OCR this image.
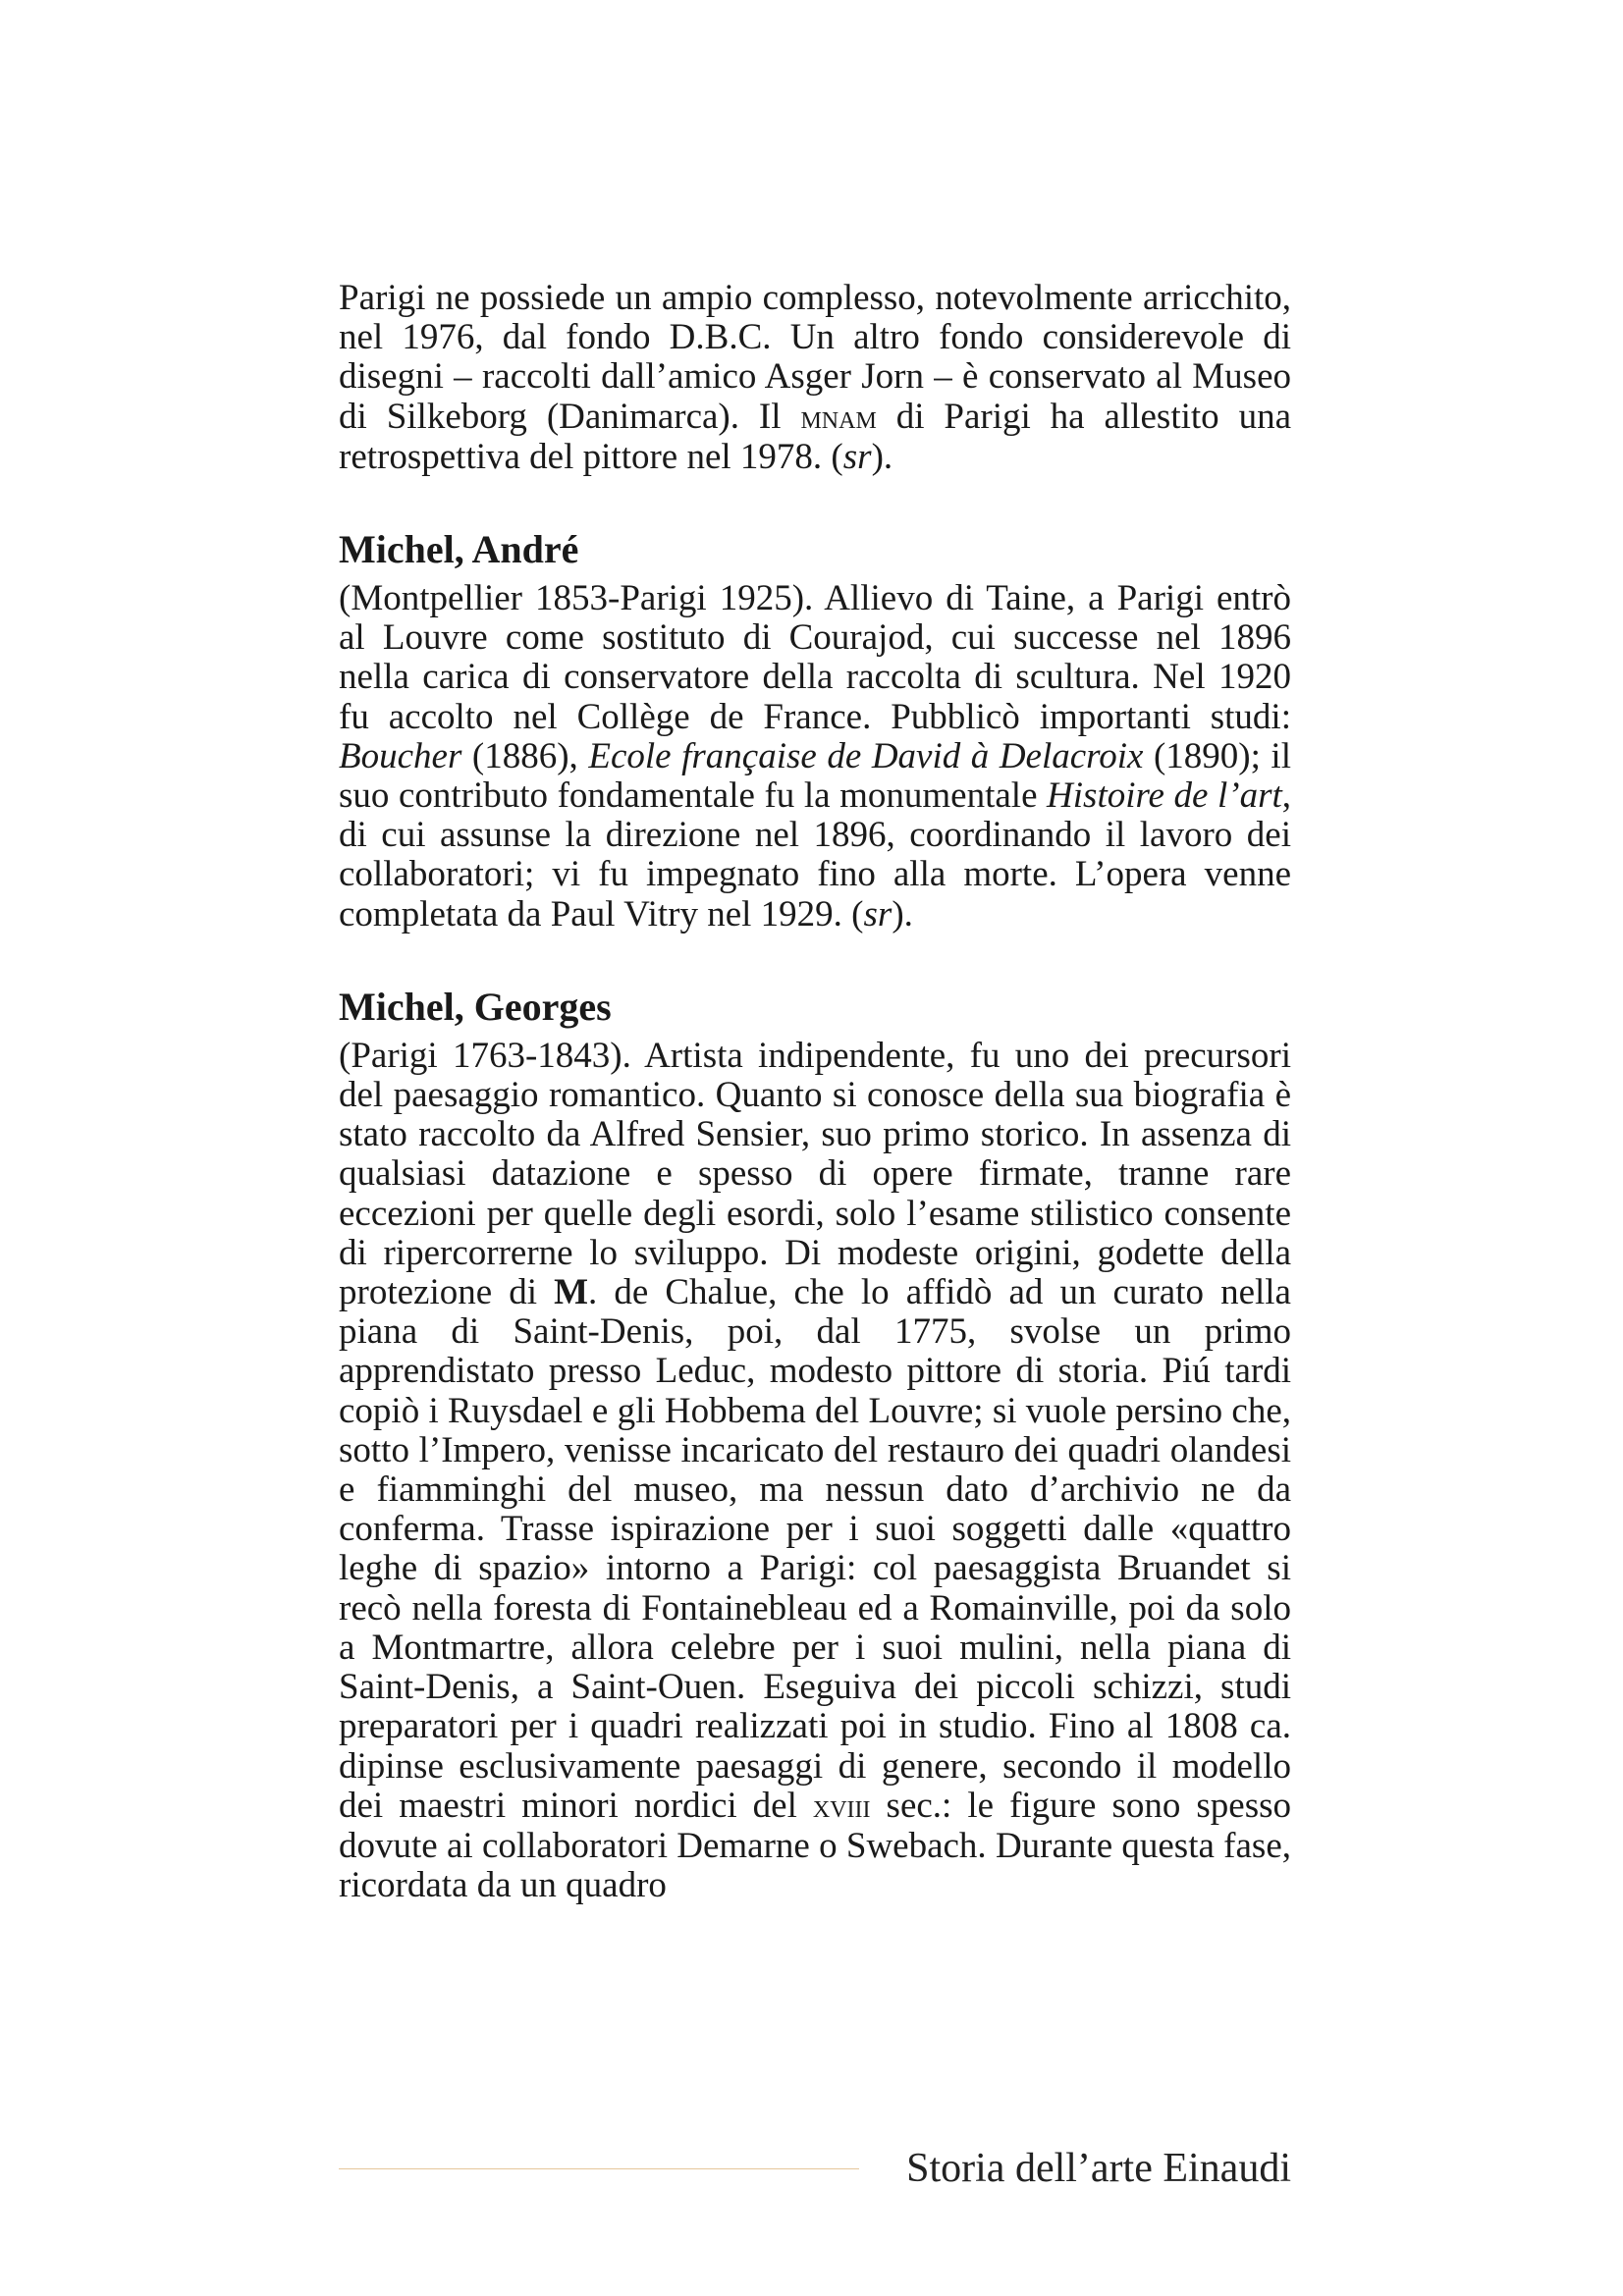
Parigi ne possiede un ampio complesso, notevolmente arricchito, nel 1976, dal fondo D.B.C. Un altro fondo considerevole di disegni – raccolti dall’amico Asger Jorn – è conservato al Museo di Silkeborg (Danimarca). Il mnam di Parigi ha allestito una retrospettiva del pittore nel 1978. (sr).

Michel, André

(Montpellier 1853-Parigi 1925). Allievo di Taine, a Parigi entrò al Louvre come sostituto di Courajod, cui successe nel 1896 nella carica di conservatore della raccolta di scultura. Nel 1920 fu accolto nel Collège de France. Pubblicò importanti studi: Boucher (1886), Ecole française de David à Delacroix (1890); il suo contributo fondamentale fu la monumentale Histoire de l’art, di cui assunse la direzione nel 1896, coordinando il lavoro dei collaboratori; vi fu impegnato fino alla morte. L’opera venne completata da Paul Vitry nel 1929. (sr).

Michel, Georges

(Parigi 1763-1843). Artista indipendente, fu uno dei precursori del paesaggio romantico. Quanto si conosce della sua biografia è stato raccolto da Alfred Sensier, suo primo storico. In assenza di qualsiasi datazione e spesso di opere firmate, tranne rare eccezioni per quelle degli esordi, solo l’esame stilistico consente di ripercorrerne lo sviluppo. Di modeste origini, godette della protezione di M. de Chalue, che lo affidò ad un curato nella piana di Saint-Denis, poi, dal 1775, svolse un primo apprendistato presso Leduc, modesto pittore di storia. Piú tardi copiò i Ruysdael e gli Hobbema del Louvre; si vuole persino che, sotto l’Impero, venisse incaricato del restauro dei quadri olandesi e fiamminghi del museo, ma nessun dato d’archivio ne da conferma. Trasse ispirazione per i suoi soggetti dalle «quattro leghe di spazio» intorno a Parigi: col paesaggista Bruandet si recò nella foresta di Fontainebleau ed a Romainville, poi da solo a Montmartre, allora celebre per i suoi mulini, nella piana di Saint-Denis, a Saint-Ouen. Eseguiva dei piccoli schizzi, studi preparatori per i quadri realizzati poi in studio. Fino al 1808 ca. dipinse esclusivamente paesaggi di genere, secondo il modello dei maestri minori nordici del xviii sec.: le figure sono spesso dovute ai collaboratori Demarne o Swebach. Durante questa fase, ricordata da un quadro

Storia dell’arte Einaudi
